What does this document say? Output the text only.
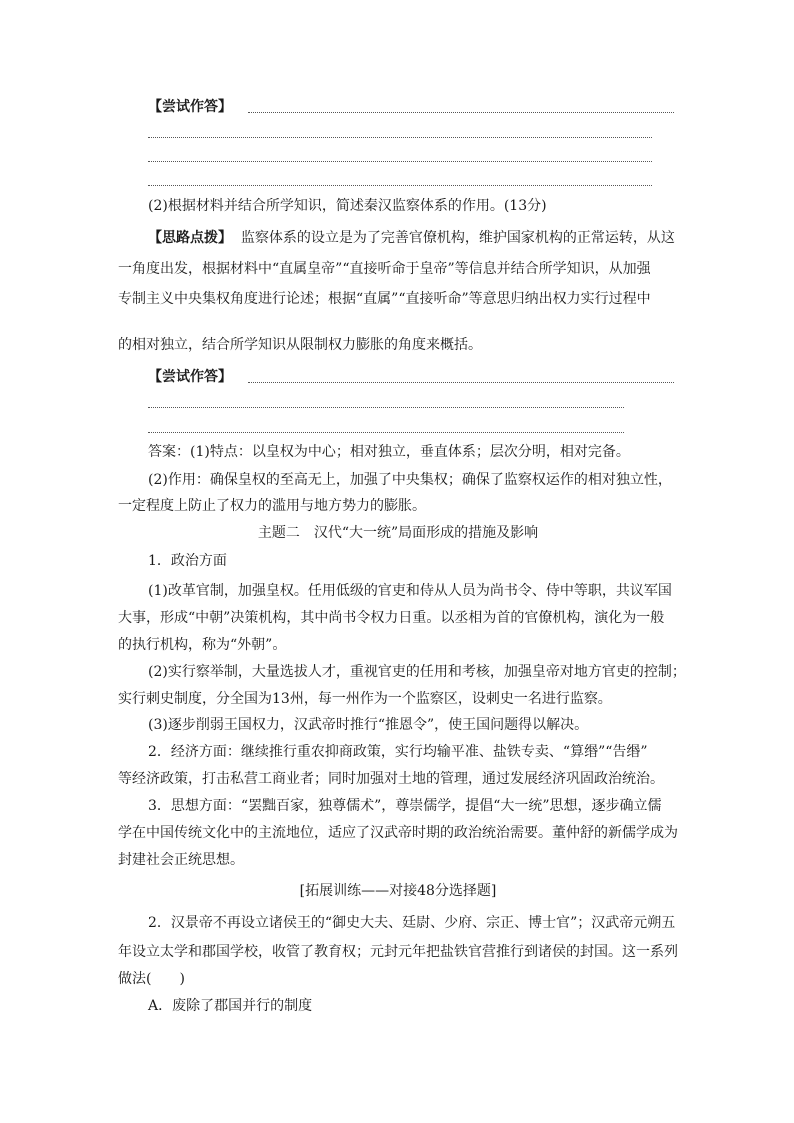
【尝试作答】
(2)根据材料并结合所学知识，简述秦汉监察体系的作用。(13分)
【思路点拨】 监察体系的设立是为了完善官僚机构，维护国家机构的正常运转，从这
一角度出发，根据材料中“直属皇帝”“直接听命于皇帝”等信息并结合所学知识，从加强
专制主义中央集权角度进行论述；根据“直属”“直接听命”等意思归纳出权力实行过程中
的相对独立，结合所学知识从限制权力膨胀的角度来概括。
【尝试作答】
答案：(1)特点：以皇权为中心；相对独立，垂直体系；层次分明，相对完备。
(2)作用：确保皇权的至高无上，加强了中央集权；确保了监察权运作的相对独立性，
一定程度上防止了权力的滥用与地方势力的膨胀。
主题二　汉代“大一统”局面形成的措施及影响
1．政治方面
(1)改革官制，加强皇权。任用低级的官吏和侍从人员为尚书令、侍中等职，共议军国
大事，形成“中朝”决策机构，其中尚书令权力日重。以丞相为首的官僚机构，演化为一般
的执行机构，称为“外朝”。
(2)实行察举制，大量选拔人才，重视官吏的任用和考核，加强皇帝对地方官吏的控制；
实行刺史制度，分全国为13州，每一州作为一个监察区，设刺史一名进行监察。
(3)逐步削弱王国权力，汉武帝时推行“推恩令”，使王国问题得以解决。
2．经济方面：继续推行重农抑商政策，实行均输平准、盐铁专卖、“算缗”“告缗”
等经济政策，打击私营工商业者；同时加强对土地的管理，通过发展经济巩固政治统治。
3．思想方面：“罢黜百家，独尊儒术”，尊崇儒学，提倡“大一统”思想，逐步确立儒
学在中国传统文化中的主流地位，适应了汉武帝时期的政治统治需要。董仲舒的新儒学成为
封建社会正统思想。
[拓展训练——对接48分选择题]
2．汉景帝不再设立诸侯王的“御史大夫、廷尉、少府、宗正、博士官”；汉武帝元朔五
年设立太学和郡国学校，收管了教育权；元封元年把盐铁官营推行到诸侯的封国。这一系列
做法(　　)
A．废除了郡国并行的制度
